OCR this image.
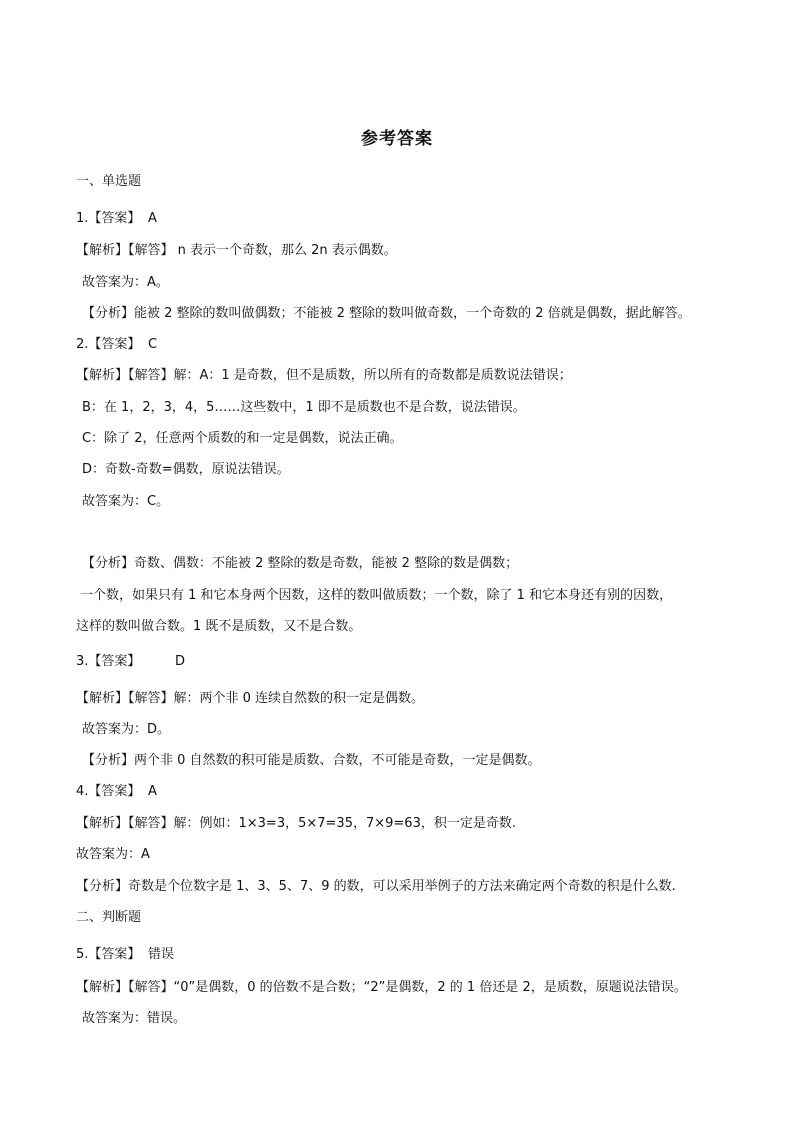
参考答案
一、单选题
1.【答案】 A
【解析】【解答】 n 表示一个奇数，那么 2n 表示偶数。
故答案为：A。
【分析】能被 2 整除的数叫做偶数；不能被 2 整除的数叫做奇数，一个奇数的 2 倍就是偶数，据此解答。
2.【答案】 C
【解析】【解答】解：A：1 是奇数，但不是质数，所以所有的奇数都是质数说法错误；
B：在 1，2，3，4，5……这些数中，1 即不是质数也不是合数，说法错误。
C：除了 2，任意两个质数的和一定是偶数，说法正确。
D：奇数-奇数=偶数，原说法错误。
故答案为：C。
【分析】奇数、偶数：不能被 2 整除的数是奇数，能被 2 整除的数是偶数；
一个数，如果只有 1 和它本身两个因数，这样的数叫做质数；一个数，除了 1 和它本身还有别的因数，
这样的数叫做合数。1 既不是质数，又不是合数。
3.【答案】	D
【解析】【解答】解：两个非 0 连续自然数的积一定是偶数。
故答案为：D。
【分析】两个非 0 自然数的积可能是质数、合数，不可能是奇数，一定是偶数。
4.【答案】 A
【解析】【解答】解：例如：1×3=3，5×7=35，7×9=63，积一定是奇数.
故答案为：A
【分析】奇数是个位数字是 1、3、5、7、9 的数，可以采用举例子的方法来确定两个奇数的积是什么数.
二、判断题
5.【答案】 错误
【解析】【解答】“0”是偶数，0 的倍数不是合数；“2”是偶数，2 的 1 倍还是 2，是质数，原题说法错误。
故答案为：错误。
